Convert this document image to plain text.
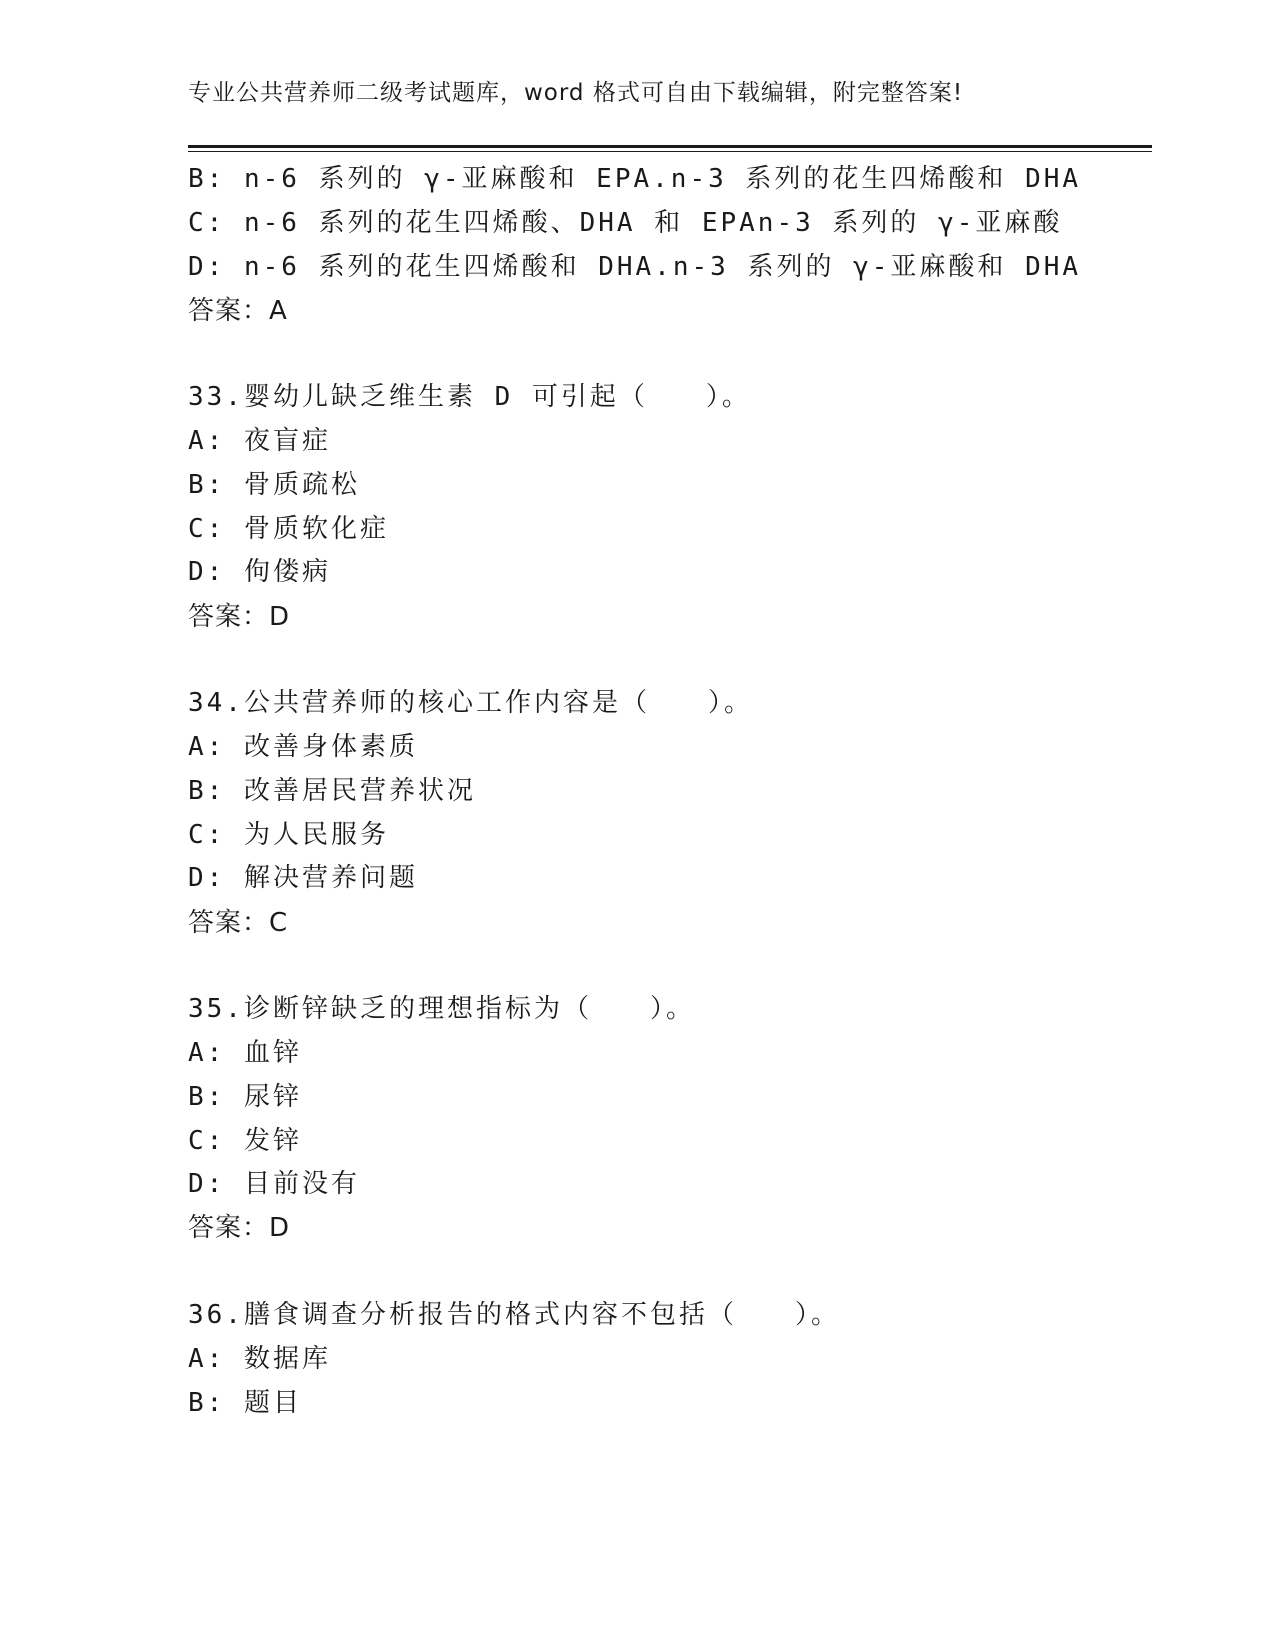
专业公共营养师二级考试题库，word 格式可自由下载编辑，附完整答案!
B: n-6 系列的 γ-亚麻酸和 EPA.n-3 系列的花生四烯酸和 DHA
C: n-6 系列的花生四烯酸、DHA 和 EPAn-3 系列的 γ-亚麻酸
D: n-6 系列的花生四烯酸和 DHA.n-3 系列的 γ-亚麻酸和 DHA
答案：A
33.婴幼儿缺乏维生素 D 可引起（　　）。
A: 夜盲症
B: 骨质疏松
C: 骨质软化症
D: 佝偻病
答案：D
34.公共营养师的核心工作内容是（　　）。
A: 改善身体素质
B: 改善居民营养状况
C: 为人民服务
D: 解决营养问题
答案：C
35.诊断锌缺乏的理想指标为（　　）。
A: 血锌
B: 尿锌
C: 发锌
D: 目前没有
答案：D
36.膳食调查分析报告的格式内容不包括（　　）。
A: 数据库
B: 题目
